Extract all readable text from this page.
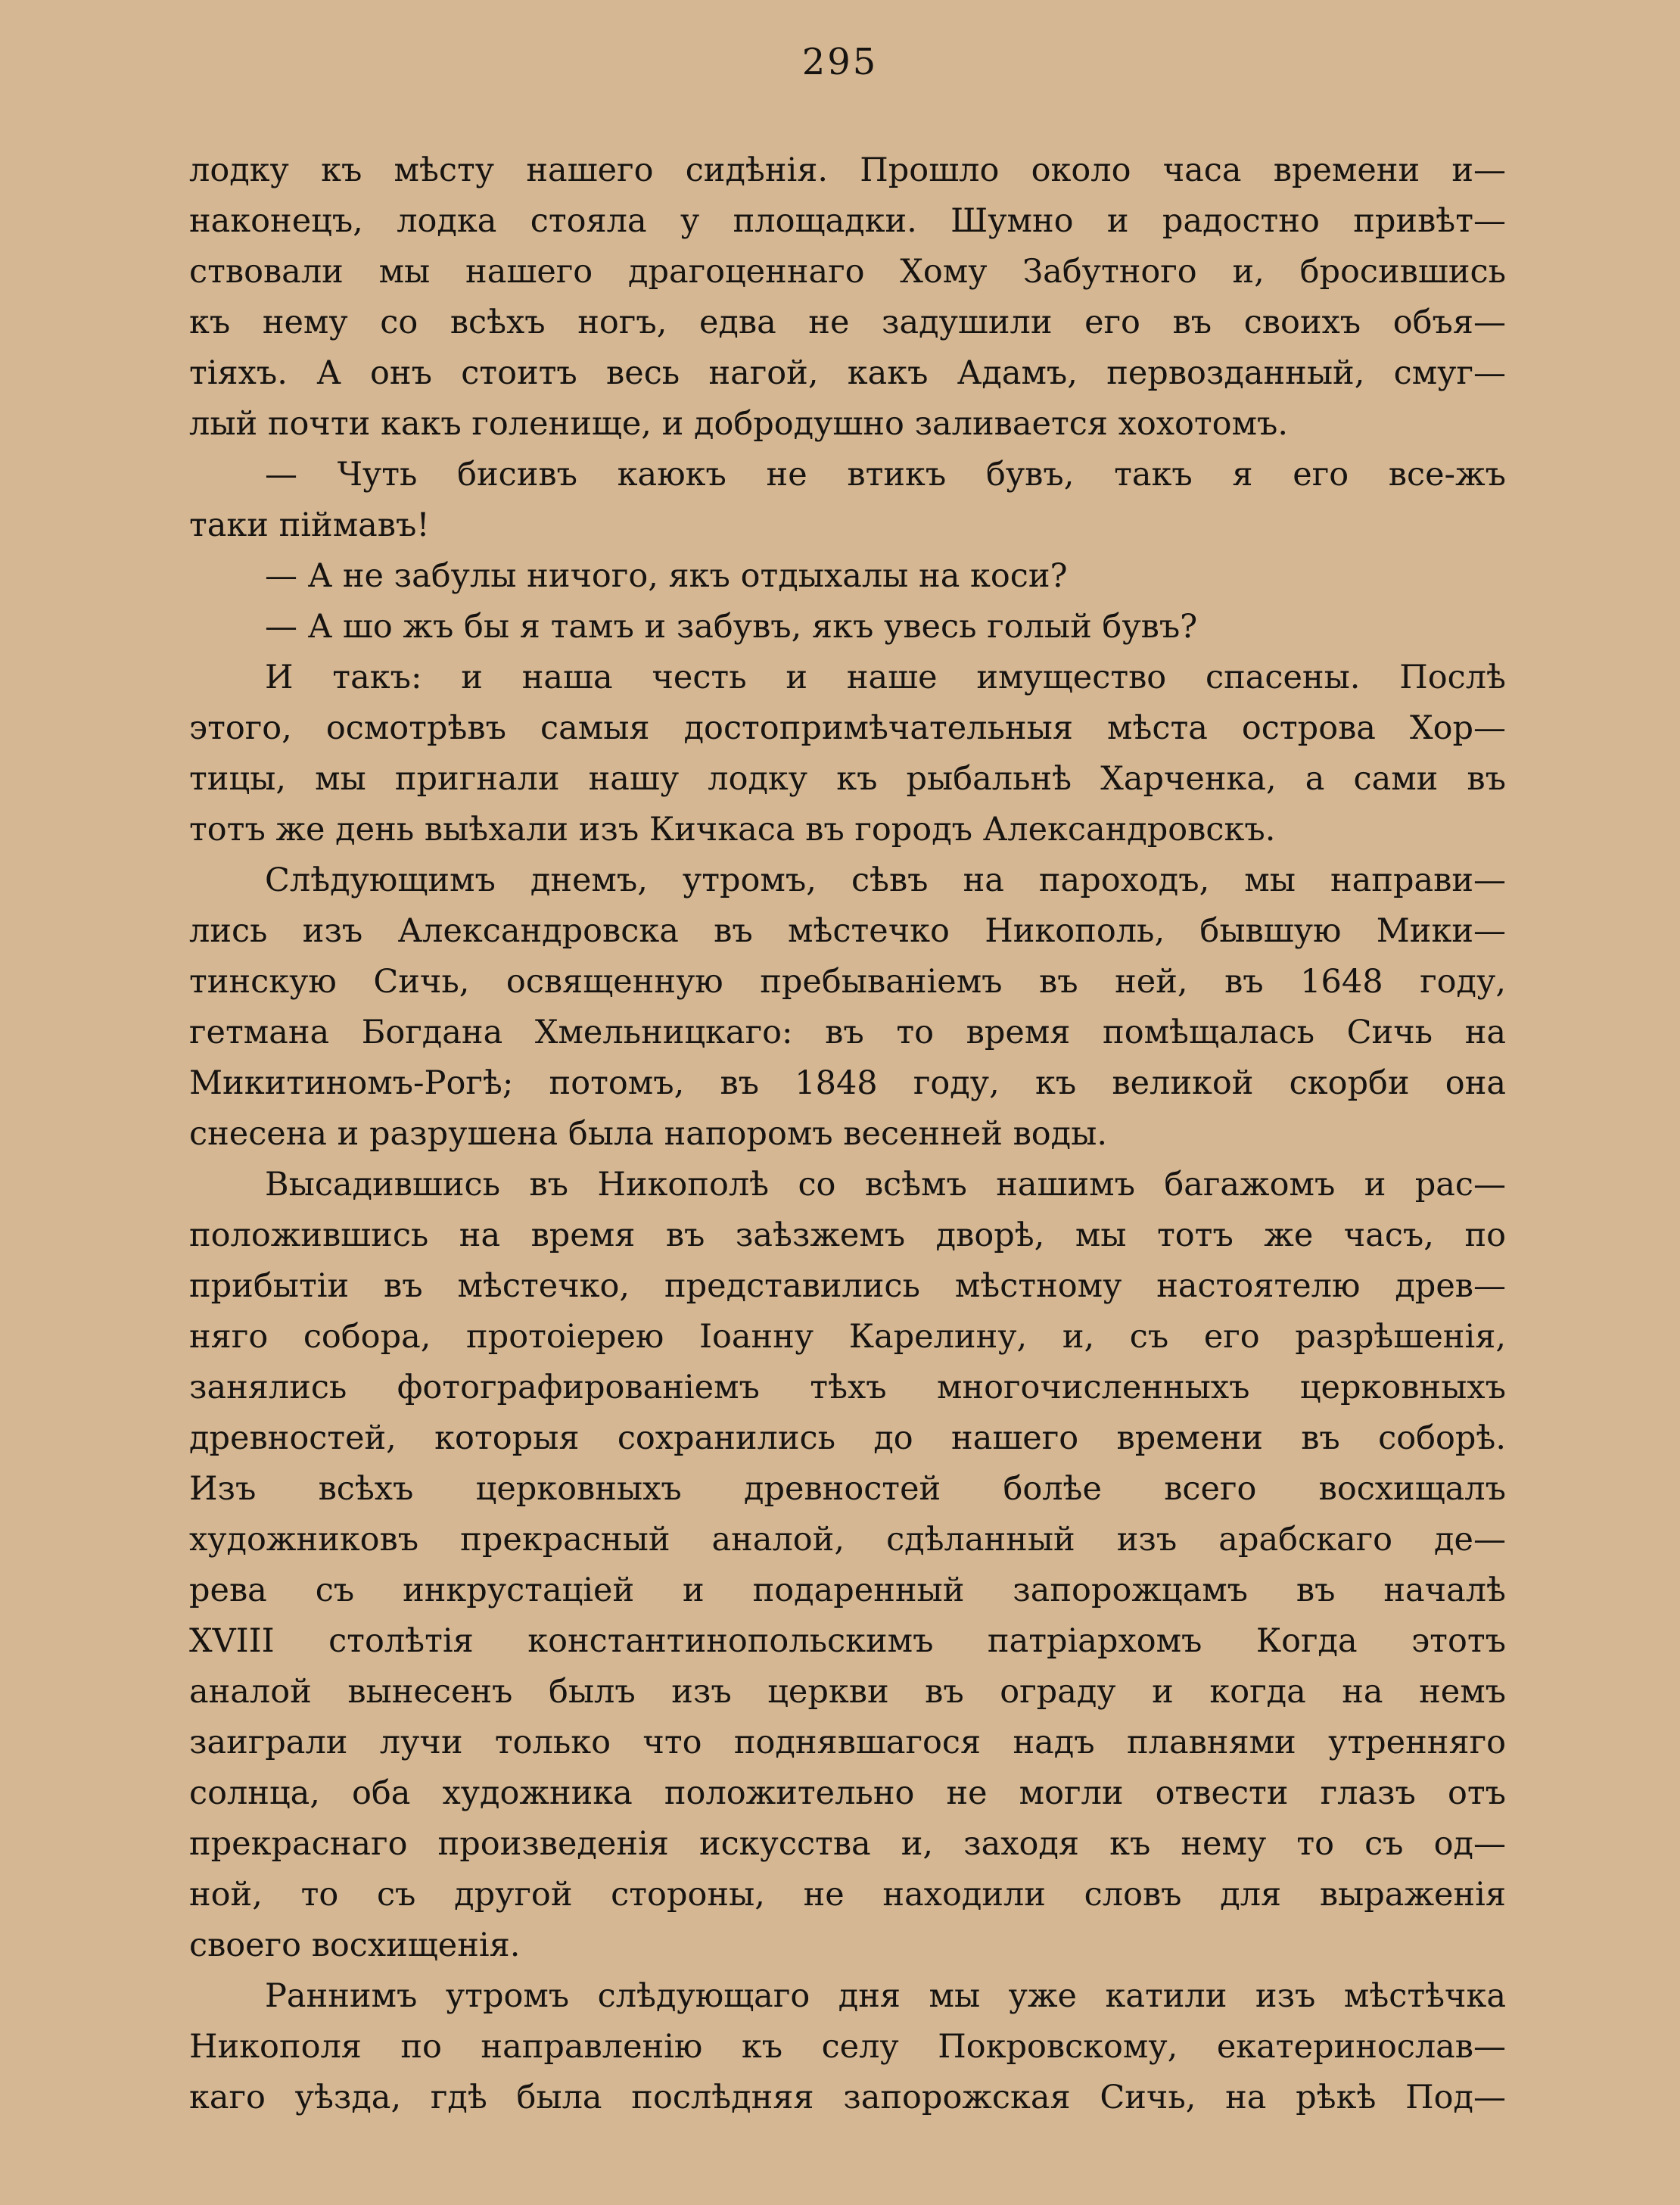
295
лодку къ мѣсту нашего сидѣнія. Прошло около часа времени и—
наконецъ, лодка стояла у площадки. Шумно и радостно привѣт—
ствовали мы нашего драгоценнаго Хому Забутного и, бросившись
къ нему со всѣхъ ногъ, едва не задушили его въ своихъ объя—
тіяхъ. А онъ стоитъ весь нагой, какъ Адамъ, первозданный, смуг—
лый почти какъ голенище, и добродушно заливается хохотомъ.
— Чуть бисивъ каюкъ не втикъ бувъ, такъ я его все-жъ
таки піймавъ!
— А не забулы ничого, якъ отдыхалы на коси?
— А шо жъ бы я тамъ и забувъ, якъ увесь голый бувъ?
И такъ: и наша честь и наше имущество спасены. Послѣ
этого, осмотрѣвъ самыя достопримѣчательныя мѣста острова Хор—
тицы, мы пригнали нашу лодку къ рыбальнѣ Харченка, а сами въ
тотъ же день выѣхали изъ Кичкаса въ городъ Александровскъ.
Слѣдующимъ днемъ, утромъ, сѣвъ на пароходъ, мы направи—
лись изъ Александровска въ мѣстечко Никополь, бывшую Мики—
тинскую Сичь, освященную пребываніемъ въ ней, въ 1648 году,
гетмана Богдана Хмельницкаго: въ то время помѣщалась Сичь на
Микитиномъ-Рогѣ; потомъ, въ 1848 году, къ великой скорби она
снесена и разрушена была напоромъ весенней воды.
Высадившись въ Никополѣ со всѣмъ нашимъ багажомъ и рас—
положившись на время въ заѣзжемъ дворѣ, мы тотъ же часъ, по
прибытіи въ мѣстечко, представились мѣстному настоятелю древ—
няго собора, протоіерею Іоанну Карелину, и, съ его разрѣшенія,
занялись фотографированіемъ тѣхъ многочисленныхъ церковныхъ
древностей, которыя сохранились до нашего времени въ соборѣ.
Изъ всѣхъ церковныхъ древностей болѣе всего восхищалъ
художниковъ прекрасный аналой, сдѣланный изъ арабскаго де—
рева съ инкрустаціей и подаренный запорожцамъ въ началѣ
XVIII столѣтія константинопольскимъ патріархомъ Когда этотъ
аналой вынесенъ былъ изъ церкви въ ограду и когда на немъ
заиграли лучи только что поднявшагося надъ плавнями утренняго
солнца, оба художника положительно не могли отвести глазъ отъ
прекраснаго произведенія искусства и, заходя къ нему то съ од—
ной, то съ другой стороны, не находили словъ для выраженія
своего восхищенія.
Раннимъ утромъ слѣдующаго дня мы уже катили изъ мѣстѣчка
Никополя по направленію къ селу Покровскому, екатеринослав—
каго уѣзда, гдѣ была послѣдняя запорожская Сичь, на рѣкѣ Под—
